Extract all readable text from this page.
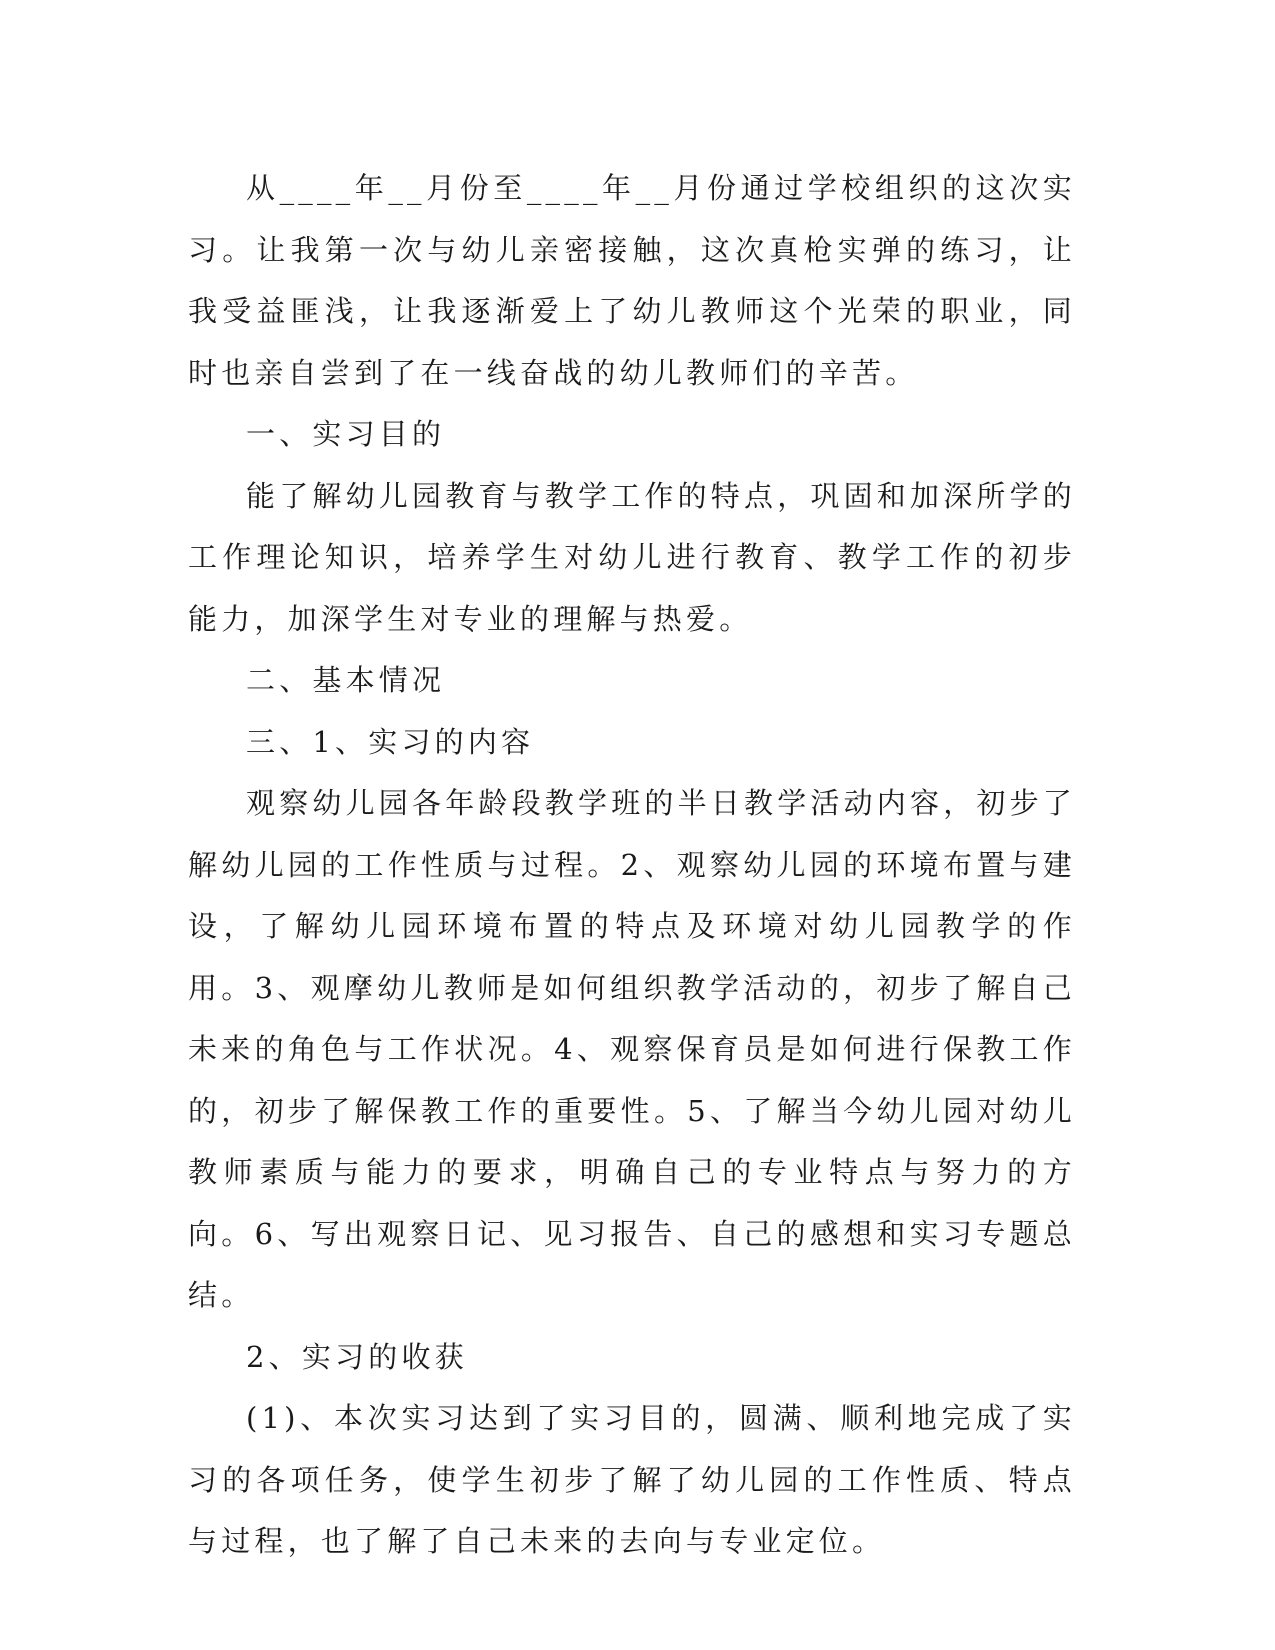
从____年__月份至____年__月份通过学校组织的这次实习。让我第一次与幼儿亲密接触，这次真枪实弹的练习，让我受益匪浅，让我逐渐爱上了幼儿教师这个光荣的职业，同时也亲自尝到了在一线奋战的幼儿教师们的辛苦。

一、实习目的

能了解幼儿园教育与教学工作的特点，巩固和加深所学的工作理论知识，培养学生对幼儿进行教育、教学工作的初步能力，加深学生对专业的理解与热爱。

二、基本情况

三、1、实习的内容

观察幼儿园各年龄段教学班的半日教学活动内容，初步了解幼儿园的工作性质与过程。2、观察幼儿园的环境布置与建设，了解幼儿园环境布置的特点及环境对幼儿园教学的作用。3、观摩幼儿教师是如何组织教学活动的，初步了解自己未来的角色与工作状况。4、观察保育员是如何进行保教工作的，初步了解保教工作的重要性。5、了解当今幼儿园对幼儿教师素质与能力的要求，明确自己的专业特点与努力的方向。6、写出观察日记、见习报告、自己的感想和实习专题总结。

2、实习的收获

(1)、本次实习达到了实习目的，圆满、顺利地完成了实习的各项任务，使学生初步了解了幼儿园的工作性质、特点与过程，也了解了自己未来的去向与专业定位。
